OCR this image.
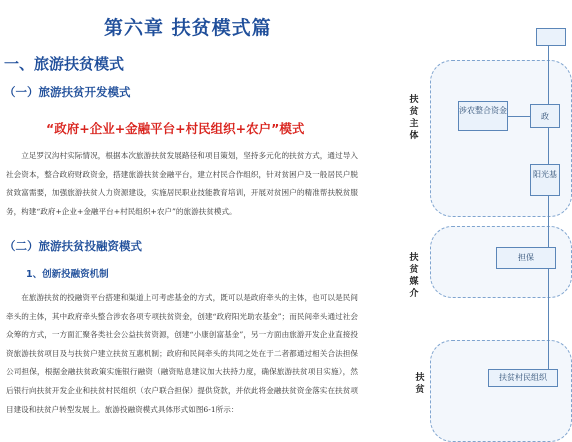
第六章 扶贫模式篇
一、旅游扶贫模式
（一）旅游扶贫开发模式
“政府+企业+金融平台+村民组织+农户”模式

立足罗汉沟村实际情况，根据本次旅游扶贫发展路径和项目策划，坚持多元化的扶贫方式，通过导入社会资本，整合政府财政资金，搭建旅游扶贫金融平台，建立村民合作组织，针对贫困户及一般居民户脱贫致富需要，加强旅游扶贫人力资源建设，实施居民职业技能教育培训，开展对贫困户的精准帮扶脱贫服务，构建“政府+企业+金融平台+村民组织+农户”的旅游扶贫模式。

（二）旅游扶贫投融资模式
1、创新投融资机制

在旅游扶贫的投融资平台搭建和渠道上可考虑基金的方式，既可以是政府牵头的主体，也可以是民间牵头的主体，其中政府牵头整合涉农各项专项扶贫资金，创建“政府阳光助农基金”；而民间牵头通过社会众筹的方式，一方面汇聚各类社会公益扶贫资源，创建“小康创富基金”，另一方面由旅游开发企业直接投资旅游扶贫项目及与扶贫户建立扶贫互惠机制；政府和民间牵头的共同之处在于二者都通过相关合法担保公司担保，根据金融扶贫政策实施银行融资（融资贴息建议加大扶持力度，确保旅游扶贫项目实施），然后银行向扶贫开发企业和扶贫村民组织（农户联合担保）提供贷款，并依此将金融扶贫资金落实在扶贫项目建设和扶贫户转型发展上。旅游投融资模式具体形式如图6-1所示：

扶贫主体
涉农整合资金
政
阳光基
扶贫媒介
担保
扶贫
扶贫村民组织
